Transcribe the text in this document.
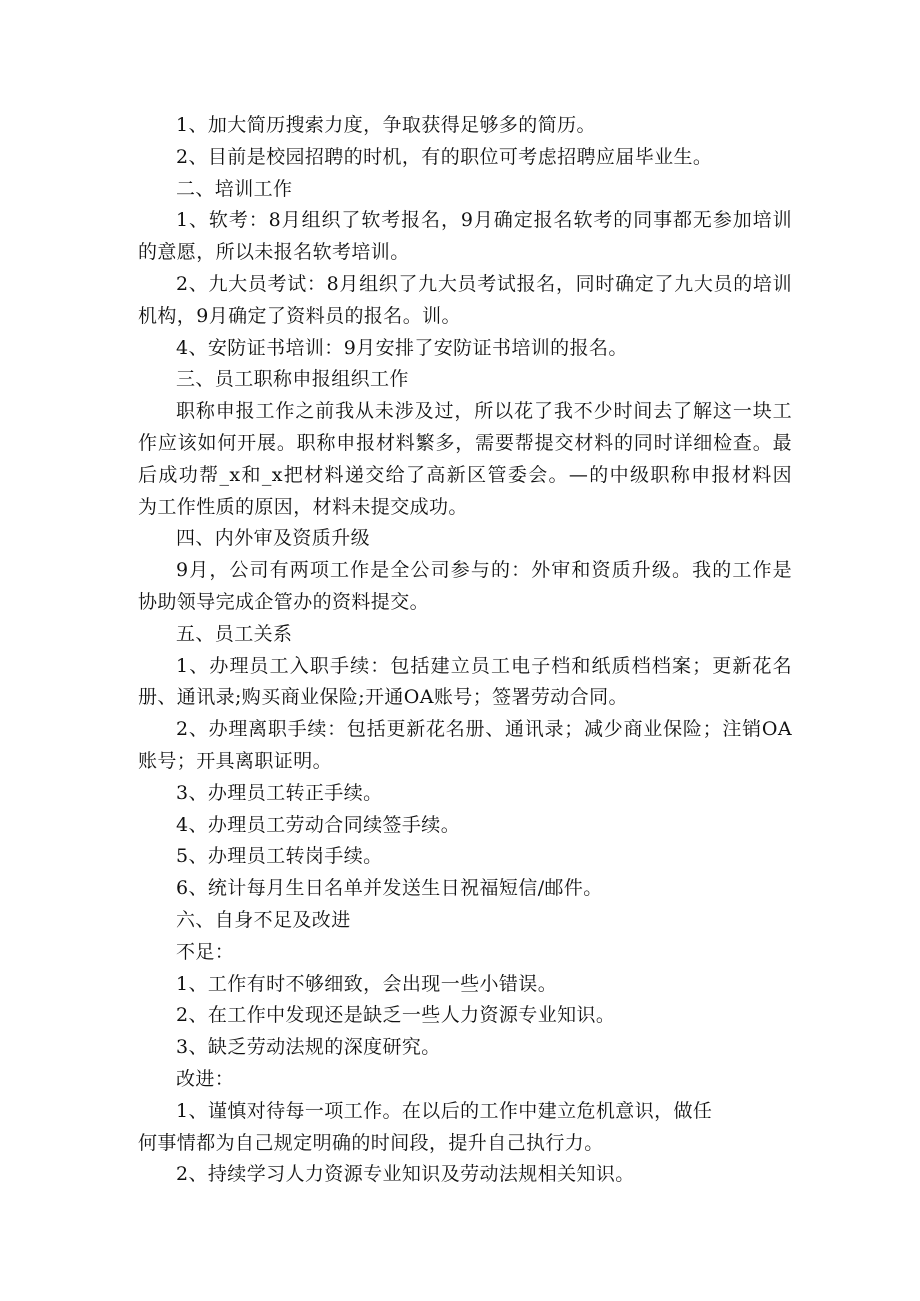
1、加大简历搜索力度，争取获得足够多的简历。

2、目前是校园招聘的时机，有的职位可考虑招聘应届毕业生。

二、培训工作

1、软考：8月组织了软考报名，9月确定报名软考的同事都无参加培训

的意愿，所以未报名软考培训。

2、九大员考试：8月组织了九大员考试报名，同时确定了九大员的培训

机构，9月确定了资料员的报名。训。

4、安防证书培训：9月安排了安防证书培训的报名。

三、员工职称申报组织工作

职称申报工作之前我从未涉及过，所以花了我不少时间去了解这一块工

作应该如何开展。职称申报材料繁多，需要帮提交材料的同时详细检查。最

后成功帮_x和_x把材料递交给了高新区管委会。—的中级职称申报材料因

为工作性质的原因，材料未提交成功。

四、内外审及资质升级

9月，公司有两项工作是全公司参与的：外审和资质升级。我的工作是

协助领导完成企管办的资料提交。

五、员工关系

1、办理员工入职手续：包括建立员工电子档和纸质档档案；更新花名

册、通讯录;购买商业保险;开通OA账号；签署劳动合同。

2、办理离职手续：包括更新花名册、通讯录；减少商业保险；注销OA

账号；开具离职证明。

3、办理员工转正手续。

4、办理员工劳动合同续签手续。

5、办理员工转岗手续。

6、统计每月生日名单并发送生日祝福短信/邮件。

六、自身不足及改进

不足：

1、工作有时不够细致，会出现一些小错误。

2、在工作中发现还是缺乏一些人力资源专业知识。

3、缺乏劳动法规的深度研究。

改进：

1、谨慎对待每一项工作。在以后的工作中建立危机意识，做任

何事情都为自己规定明确的时间段，提升自己执行力。

2、持续学习人力资源专业知识及劳动法规相关知识。
